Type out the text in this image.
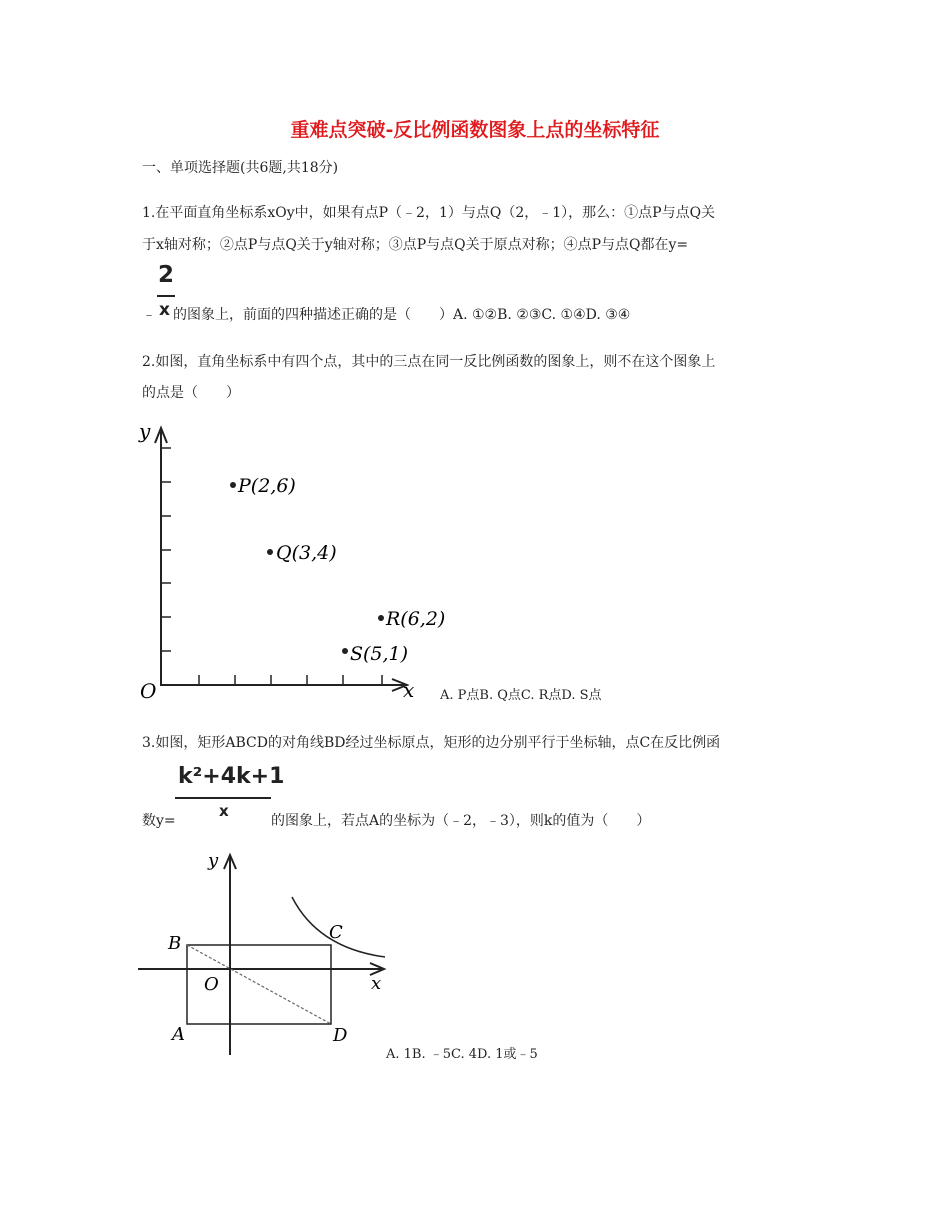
重难点突破-反比例函数图象上点的坐标特征
一、单项选择题(共6题,共18分)
1.在平面直角坐标系xOy中，如果有点P（﹣2，1）与点Q（2，﹣1），那么：①点P与点Q关
于x轴对称；②点P与点Q关于y轴对称；③点P与点Q关于原点对称；④点P与点Q都在y=
2
﹣ x 的图象上，前面的四种描述正确的是（　　）A. ①②B. ②③C. ①④D. ③④
2.如图，直角坐标系中有四个点，其中的三点在同一反比例函数的图象上，则不在这个图象上
的点是（　　）
P(2,6)
Q(3,4)
R(6,2)
S(5,1)
y
x
O	A. P点B. Q点C. R点D. S点
3.如图，矩形ABCD的对角线BD经过坐标原点，矩形的边分别平行于坐标轴，点C在反比例函
k²+4k+1
数y=
x
的图象上，若点A的坐标为（﹣2，﹣3），则k的值为（　　）
B
A
C
D
O
y
x
A. 1B. ﹣5C. 4D. 1或﹣5
